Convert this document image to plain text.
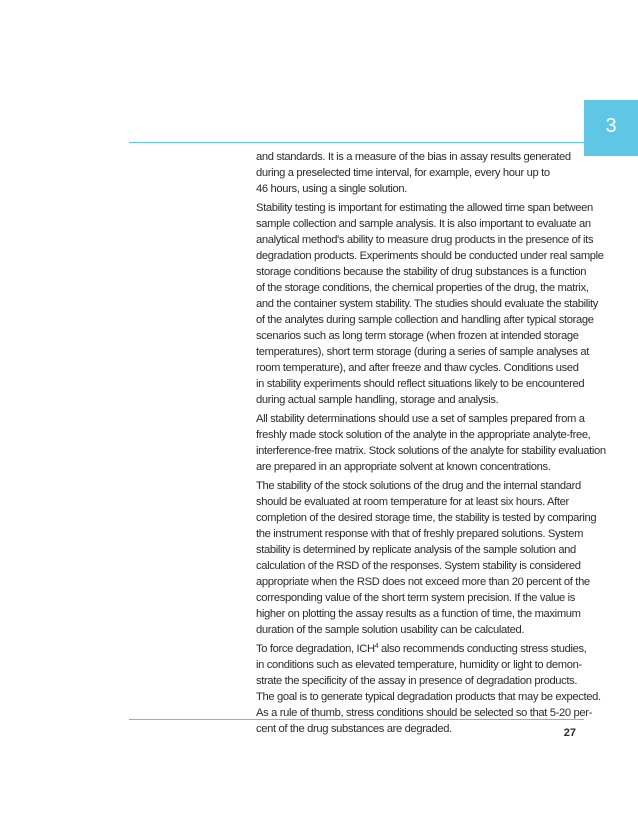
3

and standards. It is a measure of the bias in assay results generated
during a preselected time interval, for example, every hour up to
46 hours, using a single solution.

Stability testing is important for estimating the allowed time span between
sample collection and sample analysis. It is also important to evaluate an
analytical method's ability to measure drug products in the presence of its
degradation products. Experiments should be conducted under real sample
storage conditions because the stability of drug substances is a function
of the storage conditions, the chemical properties of the drug, the matrix,
and the container system stability. The studies should evaluate the stability
of the analytes during sample collection and handling after typical storage
scenarios such as long term storage (when frozen at intended storage
temperatures), short term storage (during a series of sample analyses at
room temperature), and after freeze and thaw cycles. Conditions used
in stability experiments should reflect situations likely to be encountered
during actual sample handling, storage and analysis.

All stability determinations should use a set of samples prepared from a
freshly made stock solution of the analyte in the appropriate analyte-free,
interference-free matrix. Stock solutions of the analyte for stability evaluation
are prepared in an appropriate solvent at known concentrations.

The stability of the stock solutions of the drug and the internal standard
should be evaluated at room temperature for at least six hours. After
completion of the desired storage time, the stability is tested by comparing
the instrument response with that of freshly prepared solutions. System
stability is determined by replicate analysis of the sample solution and
calculation of the RSD of the responses. System stability is considered
appropriate when the RSD does not exceed more than 20 percent of the
corresponding value of the short term system precision. If the value is
higher on plotting the assay results as a function of time, the maximum
duration of the sample solution usability can be calculated.

To force degradation, ICH$^4$ also recommends conducting stress studies,
in conditions such as elevated temperature, humidity or light to demon-
strate the specificity of the assay in presence of degradation products.
The goal is to generate typical degradation products that may be expected.
As a rule of thumb, stress conditions should be selected so that 5-20 per-
cent of the drug substances are degraded.	27
